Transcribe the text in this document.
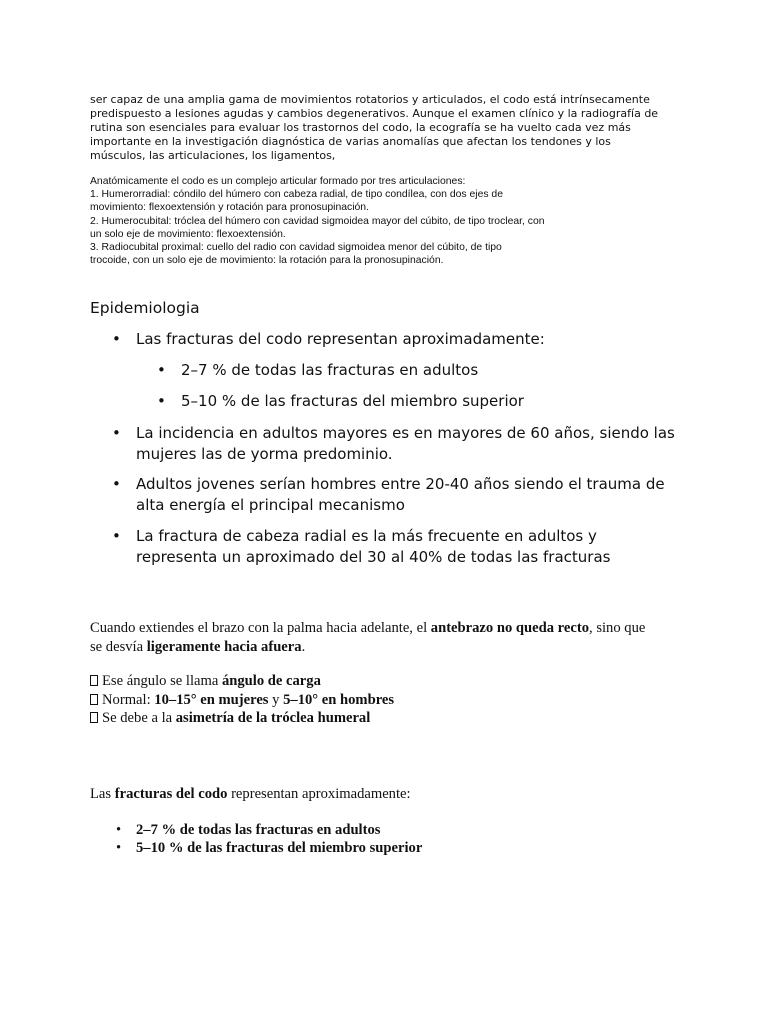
ser capaz de una amplia gama de movimientos rotatorios y articulados, el codo está intrínsecamente

predispuesto a lesiones agudas y cambios degenerativos. Aunque el examen clínico y la radiografía de

rutina son esenciales para evaluar los trastornos del codo, la ecografía se ha vuelto cada vez más

importante en la investigación diagnóstica de varias anomalías que afectan los tendones y los

músculos, las articulaciones, los ligamentos,

Anatómicamente el codo es un complejo articular formado por tres articulaciones:

1. Humerorradial: cóndilo del húmero con cabeza radial, de tipo condílea, con dos ejes de

movimiento: flexoextensión y rotación para pronosupinación.

2. Humerocubital: tróclea del húmero con cavidad sigmoidea mayor del cúbito, de tipo troclear, con

un solo eje de movimiento: flexoextensión.

3. Radiocubital proximal: cuello del radio con cavidad sigmoidea menor del cúbito, de tipo

trocoide, con un solo eje de movimiento: la rotación para la pronosupinación.

Epidemiologia
• Las fracturas del codo representan aproximadamente:
• 2–7 % de todas las fracturas en adultos
• 5–10 % de las fracturas del miembro superior
• La incidencia en adultos mayores es en mayores de 60 años, siendo las
mujeres las de yorma predominio.
• Adultos jovenes serían hombres entre 20-40 años siendo el trauma de
alta energía el principal mecanismo
• La fractura de cabeza radial es la más frecuente en adultos y
representa un aproximado del 30 al 40% de todas las fracturas

Cuando extiendes el brazo con la palma hacia adelante, el antebrazo no queda recto, sino que

se desvía ligeramente hacia afuera.

Ese ángulo se llama ángulo de carga

Normal: 10–15° en mujeres y 5–10° en hombres

Se debe a la asimetría de la tróclea humeral

Las fracturas del codo representan aproximadamente:

• 2–7 % de todas las fracturas en adultos
• 5–10 % de las fracturas del miembro superior
